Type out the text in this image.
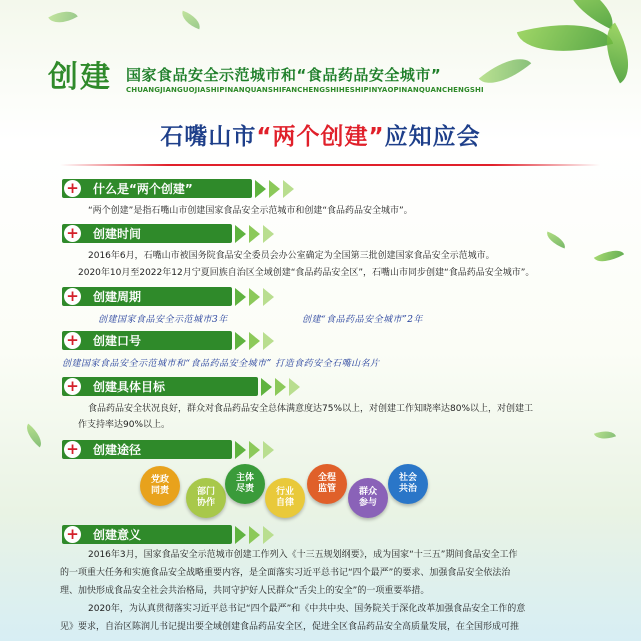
创建 国家食品安全示范城市和“食品药品安全城市”
CHUANGJIANGUOJIASHIPINANQUANSHIFANCHENGSHIHESHIPINYAOPINANQUANCHENGSHI
石嘴山市“两个创建”应知应会
+ 什么是“两个创建”
“两个创建”是指石嘴山市创建国家食品安全示范城市和创建“食品药品安全城市”。
+ 创建时间
2016年6月，石嘴山市被国务院食品安全委员会办公室确定为全国第三批创建国家食品安全示范城市。
2020年10月至2022年12月宁夏回族自治区全域创建“食品药品安全区”，石嘴山市同步创建“食品药品安全城市”。
+ 创建周期
创建国家食品安全示范城市3年	创建“食品药品安全城市”2年
+ 创建口号
创建国家食品安全示范城市和“食品药品安全城市” 打造食药安全石嘴山名片
+ 创建具体目标
食品药品安全状况良好，群众对食品药品安全总体满意度达75%以上，对创建工作知晓率达80%以上，对创建工
作支持率达90%以上。
+ 创建途径
党政同责	部门协作
主体尽责	行业自律
全程监管	群众参与
社会共治
+ 创建意义
2016年3月，国家食品安全示范城市创建工作列入《十三五规划纲要》，成为国家“十三五”期间食品安全工作
的一项重大任务和实施食品安全战略重要内容，是全面落实习近平总书记“四个最严”的要求、加强食品安全依法治
理、加快形成食品安全社会共治格局，共同守护好人民群众“舌尖上的安全”的一项重要举措。
2020年，为认真贯彻落实习近平总书记“四个最严”和《中共中央、国务院关于深化改革加强食品安全工作的意
见》要求，自治区陈润儿书记提出要全域创建食品药品安全区，促进全区食品药品安全高质量发展，在全国形成可推
